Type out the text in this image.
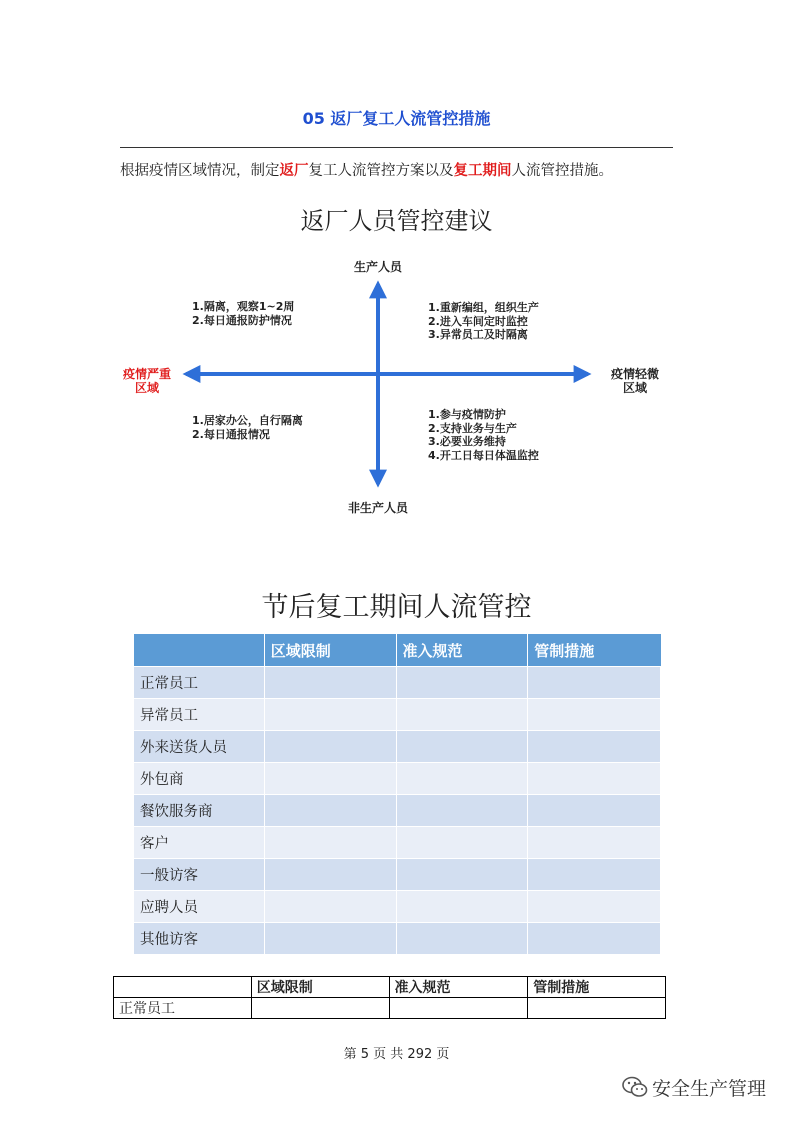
05 返厂复工人流管控措施
根据疫情区域情况，制定返厂复工人流管控方案以及复工期间人流管控措施。
返厂人员管控建议
生产人员
非生产人员
疫情严重
区域
疫情轻微
区域
1.隔离，观察1~2周
2.每日通报防护情况
1.重新编组，组织生产
2.进入车间定时监控
3.异常员工及时隔离
1.居家办公，自行隔离
2.每日通报情况
1.参与疫情防护
2.支持业务与生产
3.必要业务维持
4.开工日每日体温监控
节后复工期间人流管控
	区域限制	准入规范	管制措施
正常员工			
异常员工			
外来送货人员			
外包商			
餐饮服务商			
客户			
一般访客			
应聘人员			
其他访客			
	区域限制	准入规范	管制措施
正常员工			
第 5 页 共 292 页
安全生产管理
